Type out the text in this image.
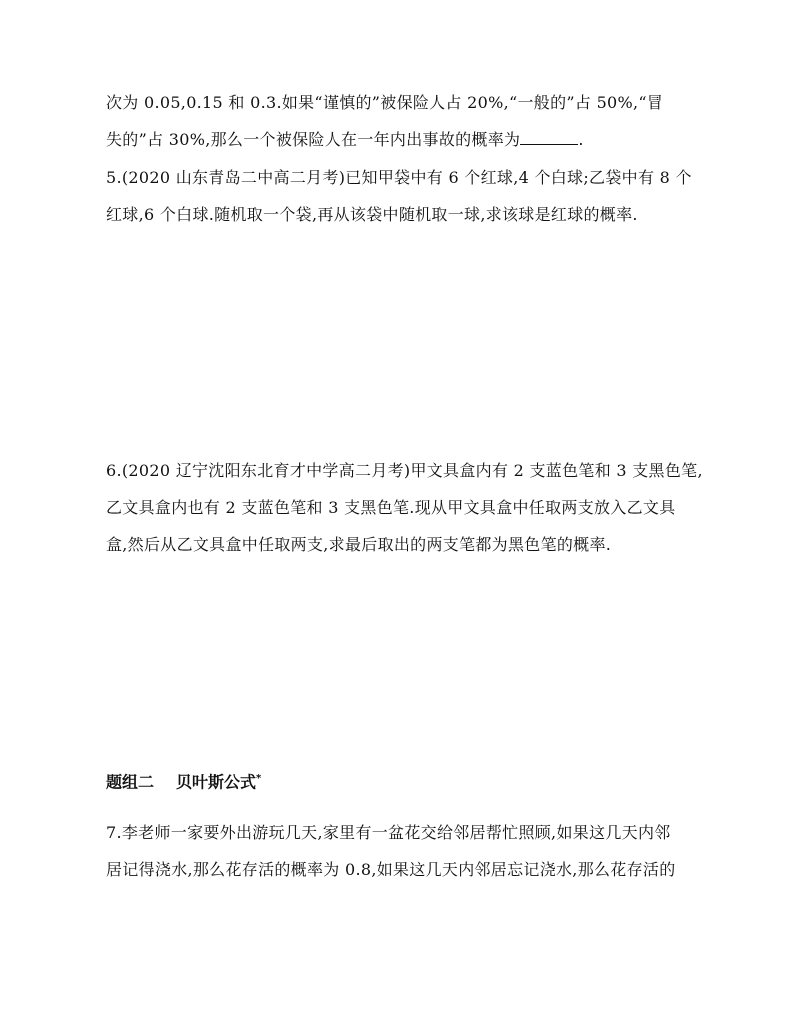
次为 0.05,0.15 和 0.3.如果“谨慎的”被保险人占 20%,“一般的”占 50%,“冒
失的”占 30%,那么一个被保险人在一年内出事故的概率为	.
5.(2020 山东青岛二中高二月考)已知甲袋中有 6 个红球,4 个白球;乙袋中有 8 个
红球,6 个白球.随机取一个袋,再从该袋中随机取一球,求该球是红球的概率.
6.(2020 辽宁沈阳东北育才中学高二月考)甲文具盒内有 2 支蓝色笔和 3 支黑色笔,
乙文具盒内也有 2 支蓝色笔和 3 支黑色笔.现从甲文具盒中任取两支放入乙文具
盒,然后从乙文具盒中任取两支,求最后取出的两支笔都为黑色笔的概率.
题组二 贝叶斯公式*
7.李老师一家要外出游玩几天,家里有一盆花交给邻居帮忙照顾,如果这几天内邻
居记得浇水,那么花存活的概率为 0.8,如果这几天内邻居忘记浇水,那么花存活的
